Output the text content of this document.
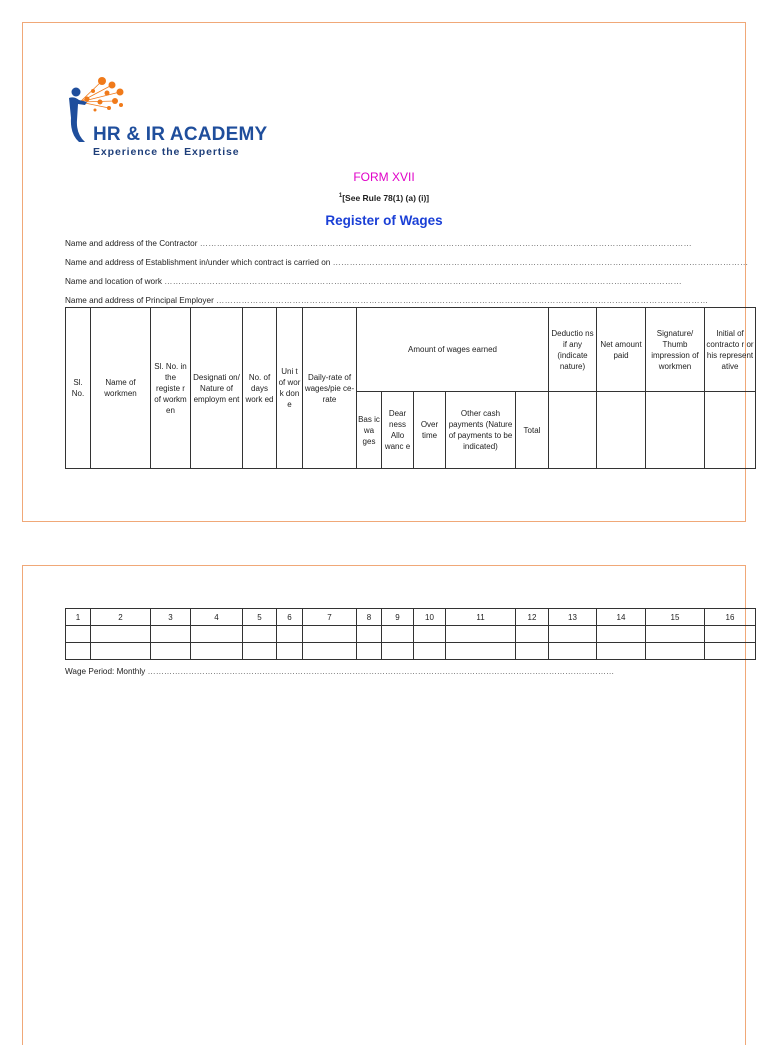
HR & IR ACADEMY
Experience the Expertise
FORM XVII
$^1$[See Rule 78(1) (a) (i)]
Register of Wages
Name and address of the Contractor …………………………………………………………………………………………………………………………………………………………
Name and address of Establishment in/under which contract is carried on …………………………………………………………………………………………………………………………………
Name and location of work …………………………………………………………………………………………………………………………………………………………………
Name and address of Principal Employer …………………………………………………………………………………………………………………………………………………………
Sl. No.	Name of workmen	Sl. No. in the registe r of workm en	Designati on/ Nature of employm ent	No. of days work ed	Uni t of wor k don e	Daily-rate of wages/pie ce-rate	Amount of wages earned					Deductio ns if any (indicate nature)	Net amount paid	Signature/ Thumb impression of workmen	Initial of contracto r or his represent ative
							Bas ic wa ges	Dear ness Allo wanc e	Over time	Other cash payments (Nature of payments to be indicated)	Total				
1	2	3	4	5	6	7	8	9	10	11	12	13	14	15	16

Wage Period: Monthly ………………………………………………………………………………………………………………………………………………………
